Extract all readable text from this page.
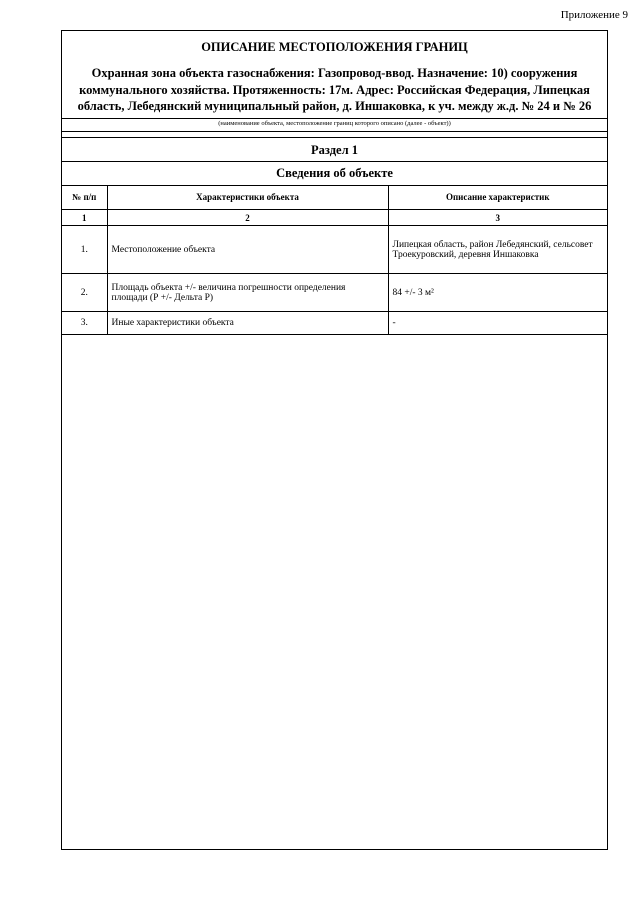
Приложение 9
ОПИСАНИЕ МЕСТОПОЛОЖЕНИЯ ГРАНИЦ
Охранная зона объекта газоснабжения: Газопровод-ввод. Назначение: 10) сооружения коммунального хозяйства. Протяженность: 17м. Адрес: Российская Федерация, Липецкая область, Лебедянский муниципальный район, д. Иншаковка, к уч. между ж.д. № 24 и № 26
(наименование объекта, местоположение границ которого описано (далее - объект))
Раздел 1
Сведения об объекте
№ п/п	Характеристики объекта	Описание характеристик
1	2	3
1.	Местоположение объекта	Липецкая область, район Лебедянский, сельсовет Троекуровский, деревня Иншаковка
2.	Площадь объекта +/- величина погрешности определения площади (Р +/- Дельта Р)	84 +/- 3 м²
3.	Иные характеристики объекта	-
